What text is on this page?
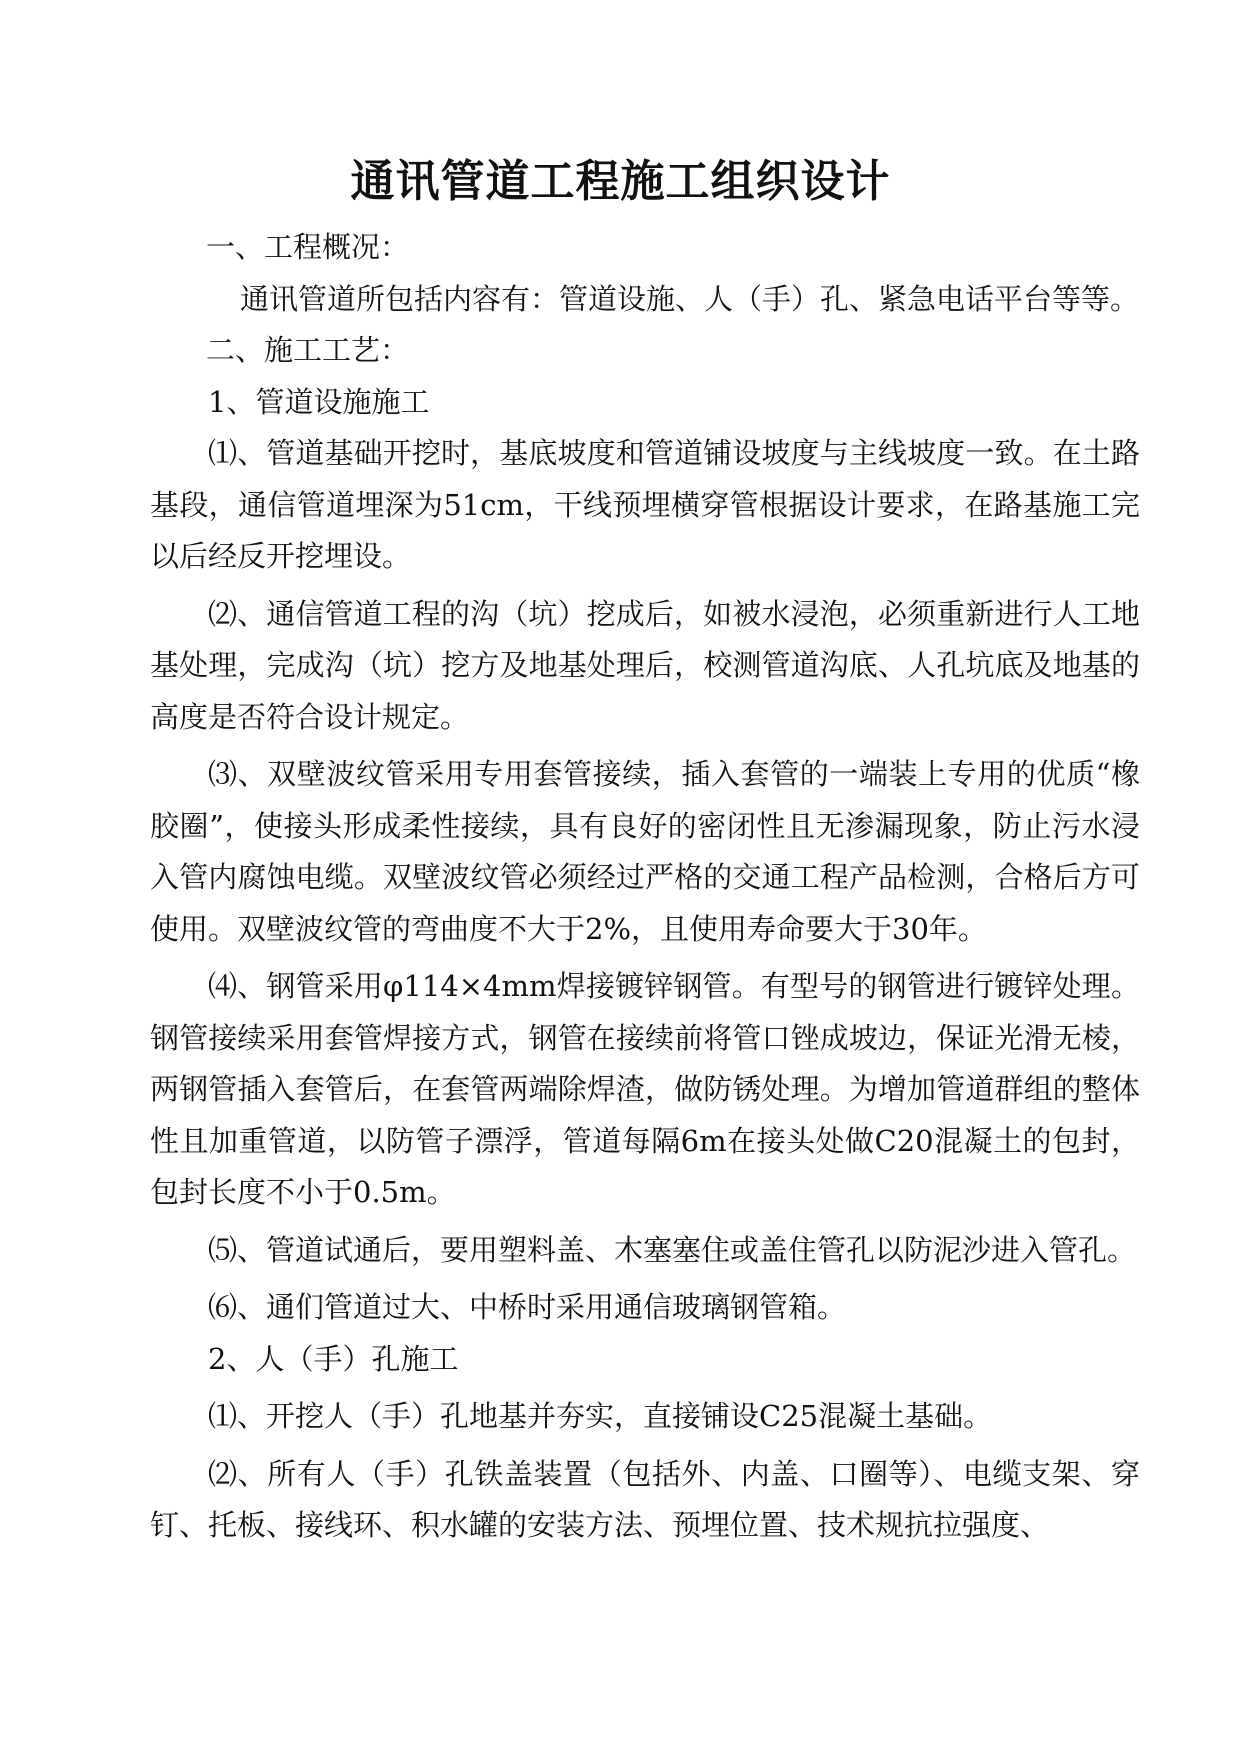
通讯管道工程施工组织设计

一、工程概况：

通讯管道所包括内容有：管道设施、人（手）孔、紧急电话平台等等。

二、施工工艺：

1、管道设施施工

⑴、管道基础开挖时，基底坡度和管道铺设坡度与主线坡度一致。在土路基段，通信管道埋深为51cm，干线预埋横穿管根据设计要求，在路基施工完以后经反开挖埋设。

⑵、通信管道工程的沟（坑）挖成后，如被水浸泡，必须重新进行人工地基处理，完成沟（坑）挖方及地基处理后，校测管道沟底、人孔坑底及地基的高度是否符合设计规定。

⑶、双壁波纹管采用专用套管接续，插入套管的一端装上专用的优质“橡胶圈”，使接头形成柔性接续，具有良好的密闭性且无渗漏现象，防止污水浸入管内腐蚀电缆。双壁波纹管必须经过严格的交通工程产品检测，合格后方可使用。双壁波纹管的弯曲度不大于2%，且使用寿命要大于30年。

⑷、钢管采用φ114×4mm焊接镀锌钢管。有型号的钢管进行镀锌处理。钢管接续采用套管焊接方式，钢管在接续前将管口锉成坡边，保证光滑无棱，两钢管插入套管后，在套管两端除焊渣，做防锈处理。为增加管道群组的整体性且加重管道，以防管子漂浮，管道每隔6m在接头处做C20混凝土的包封，包封长度不小于0.5m。

⑸、管道试通后，要用塑料盖、木塞塞住或盖住管孔以防泥沙进入管孔。

⑹、通们管道过大、中桥时采用通信玻璃钢管箱。

2、人（手）孔施工

⑴、开挖人（手）孔地基并夯实，直接铺设C25混凝土基础。

⑵、所有人（手）孔铁盖装置（包括外、内盖、口圈等）、电缆支架、穿钉、托板、接线环、积水罐的安装方法、预埋位置、技术规抗拉强度、
